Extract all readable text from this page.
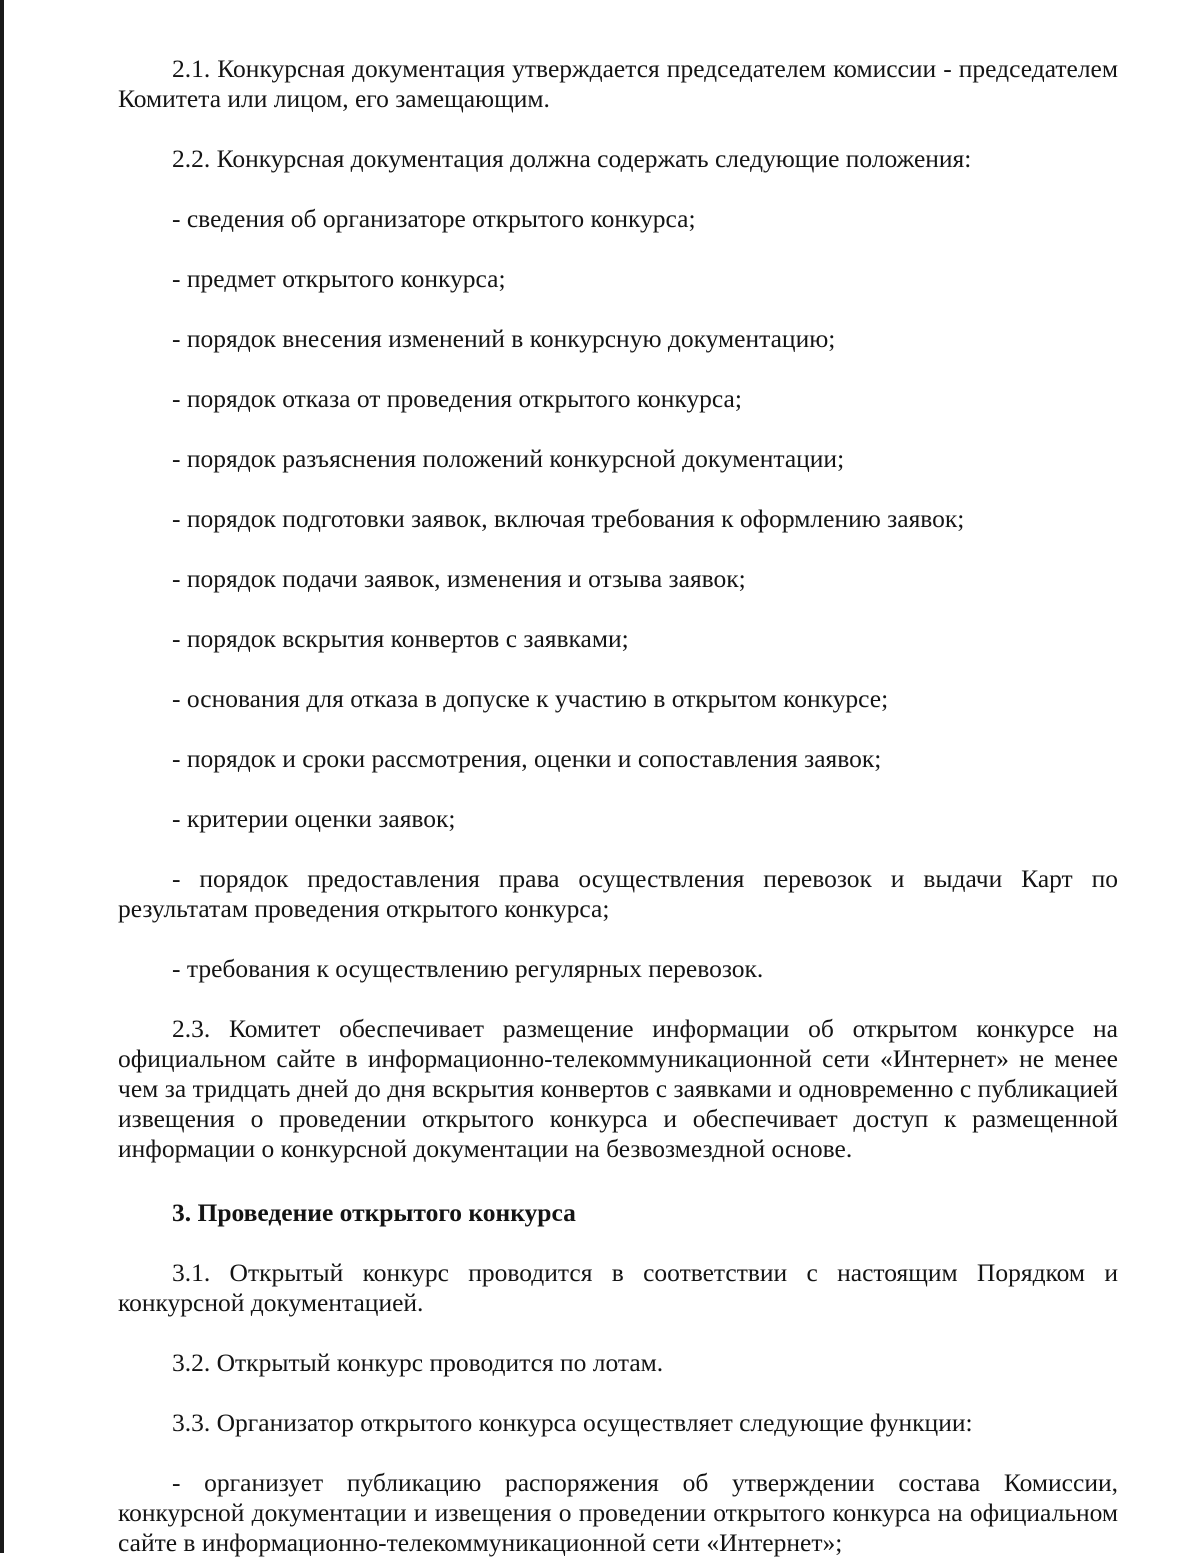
2.1. Конкурсная документация утверждается председателем комиссии - председателем Комитета или лицом, его замещающим.

2.2. Конкурсная документация должна содержать следующие положения:

- сведения об организаторе открытого конкурса;

- предмет открытого конкурса;

- порядок внесения изменений в конкурсную документацию;

- порядок отказа от проведения открытого конкурса;

- порядок разъяснения положений конкурсной документации;

- порядок подготовки заявок, включая требования к оформлению заявок;

- порядок подачи заявок, изменения и отзыва заявок;

- порядок вскрытия конвертов с заявками;

- основания для отказа в допуске к участию в открытом конкурсе;

- порядок и сроки рассмотрения, оценки и сопоставления заявок;

- критерии оценки заявок;

- порядок предоставления права осуществления перевозок и выдачи Карт по результатам проведения открытого конкурса;

- требования к осуществлению регулярных перевозок.

2.3. Комитет обеспечивает размещение информации об открытом конкурсе на официальном сайте в информационно-телекоммуникационной сети «Интернет» не менее чем за тридцать дней до дня вскрытия конвертов с заявками и одновременно с публикацией извещения о проведении открытого конкурса и обеспечивает доступ к размещенной информации о конкурсной документации на безвозмездной основе.

3. Проведение открытого конкурса

3.1. Открытый конкурс проводится в соответствии с настоящим Порядком и конкурсной документацией.

3.2. Открытый конкурс проводится по лотам.

3.3. Организатор открытого конкурса осуществляет следующие функции:

- организует публикацию распоряжения об утверждении состава Комиссии, конкурсной документации и извещения о проведении открытого конкурса на официальном сайте в информационно-телекоммуникационной сети «Интернет»;
